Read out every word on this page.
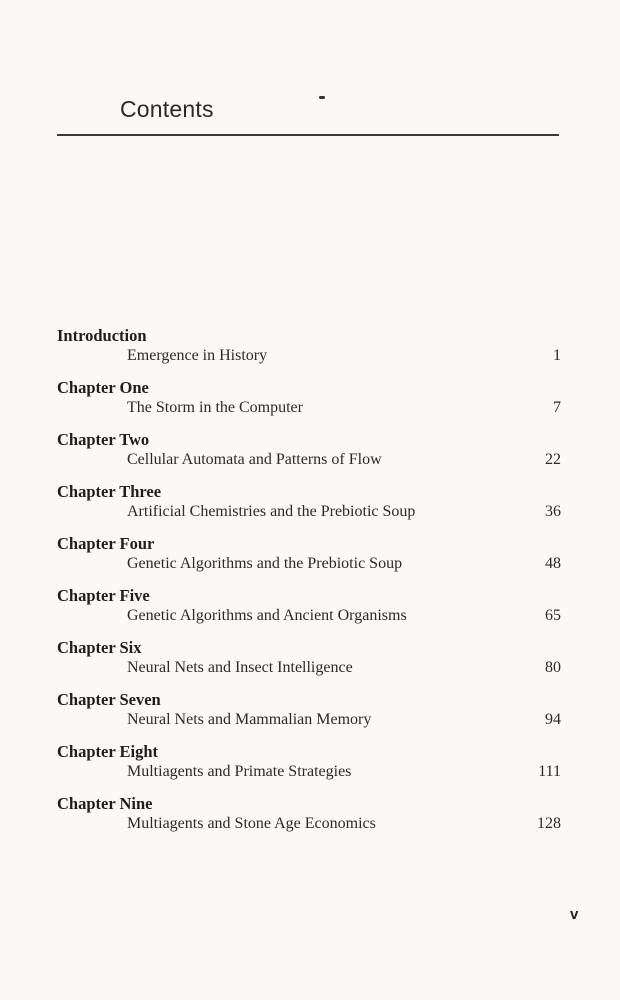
Contents
Introduction
Emergence in History	1
Chapter One
The Storm in the Computer	7
Chapter Two
Cellular Automata and Patterns of Flow	22
Chapter Three
Artificial Chemistries and the Prebiotic Soup	36
Chapter Four
Genetic Algorithms and the Prebiotic Soup	48
Chapter Five
Genetic Algorithms and Ancient Organisms	65
Chapter Six
Neural Nets and Insect Intelligence	80
Chapter Seven
Neural Nets and Mammalian Memory	94
Chapter Eight
Multiagents and Primate Strategies	111
Chapter Nine
Multiagents and Stone Age Economics	128
v
